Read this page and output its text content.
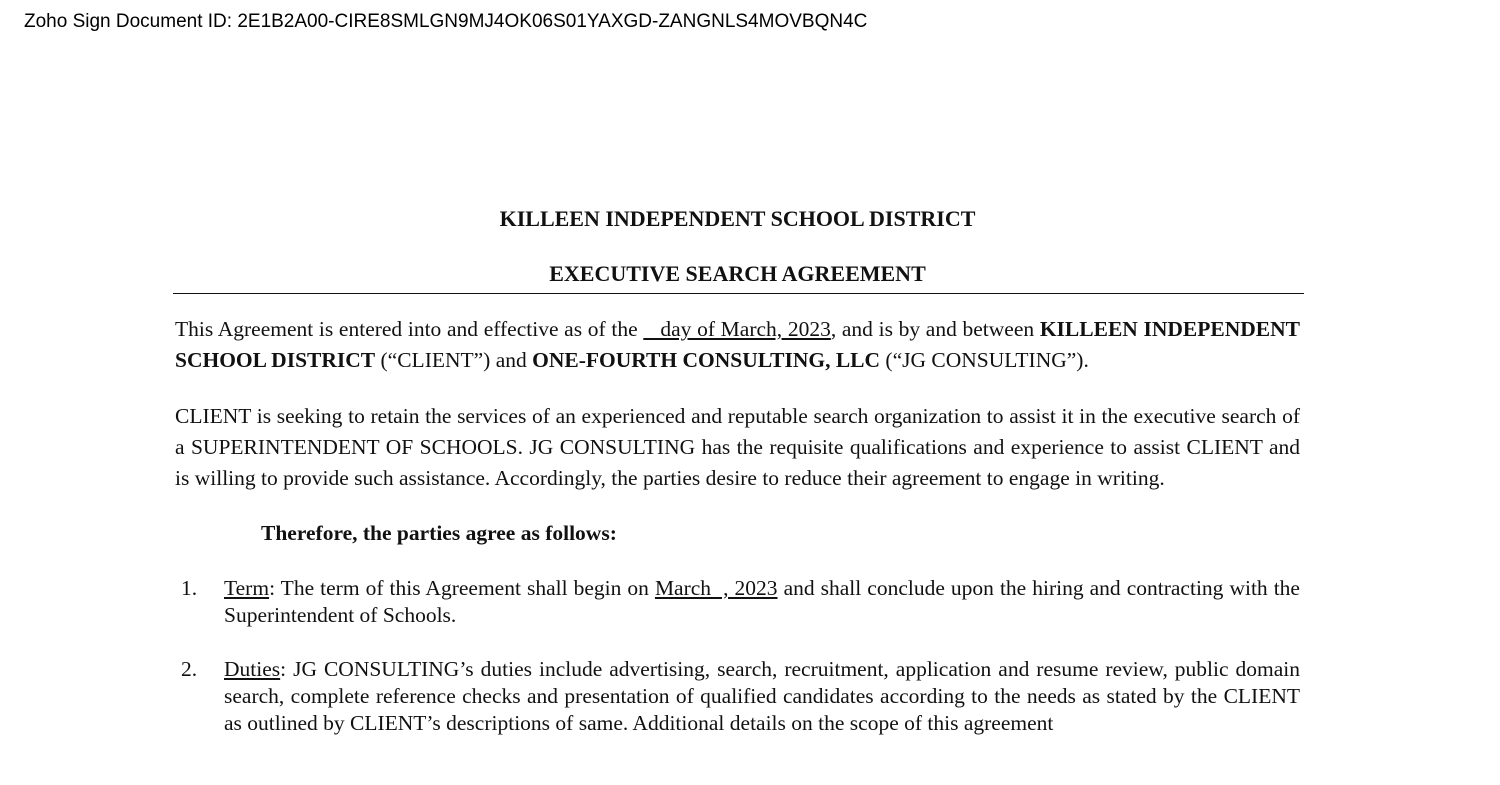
Zoho Sign Document ID: 2E1B2A00-CIRE8SMLGN9MJ4OK06S01YAXGD-ZANGNLS4MOVBQN4C

KILLEEN INDEPENDENT SCHOOL DISTRICT

EXECUTIVE SEARCH AGREEMENT

This Agreement is entered into and effective as of the    day of March, 2023, and is by and between KILLEEN INDEPENDENT SCHOOL DISTRICT (“CLIENT”) and ONE-FOURTH CONSULTING, LLC (“JG CONSULTING”).

CLIENT is seeking to retain the services of an experienced and reputable search organization to assist it in the executive search of a SUPERINTENDENT OF SCHOOLS. JG CONSULTING has the requisite qualifications and experience to assist CLIENT and is willing to provide such assistance. Accordingly, the parties desire to reduce their agreement to engage in writing.

Therefore, the parties agree as follows:

1. Term: The term of this Agreement shall begin on March  , 2023 and shall conclude upon the hiring and contracting with the Superintendent of Schools.

2. Duties: JG CONSULTING’s duties include advertising, search, recruitment, application and resume review, public domain search, complete reference checks and presentation of qualified candidates according to the needs as stated by the CLIENT as outlined by CLIENT’s descriptions of same. Additional details on the scope of this agreement
